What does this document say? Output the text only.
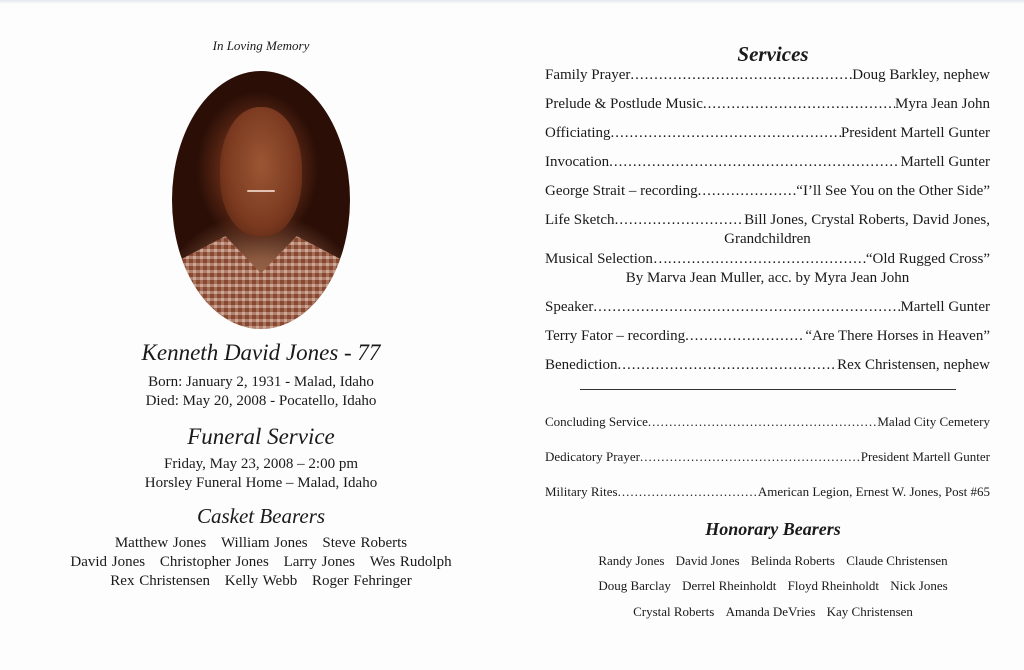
In Loving Memory
Kenneth David Jones - 77
Born: January 2, 1931 - Malad, Idaho
Died: May 20, 2008 - Pocatello, Idaho
Funeral Service
Friday, May 23, 2008 – 2:00 pm
Horsley Funeral Home – Malad, Idaho
Casket Bearers
Matthew Jones William Jones Steve Roberts
David Jones Christopher Jones Larry Jones Wes Rudolph
Rex Christensen Kelly Webb Roger Fehringer
Services
Family Prayer .....	Doug Barkley, nephew
Prelude & Postlude Music .....	Myra Jean John
Officiating .....	President Martell Gunter
Invocation .....	Martell Gunter
George Strait – recording .....	“I’ll See You on the Other Side”
Life Sketch .....	Bill Jones, Crystal Roberts, David Jones,
Grandchildren
Musical Selection… .....	“Old Rugged Cross”
By Marva Jean Muller, acc. by Myra Jean John
Speaker .....	Martell Gunter
Terry Fator – recording .....	“Are There Horses in Heaven”
Benediction .....	Rex Christensen, nephew
Concluding Service .....	Malad City Cemetery
Dedicatory Prayer .....	President Martell Gunter
Military Rites .....	American Legion, Ernest W. Jones, Post #65
Honorary Bearers
Randy Jones David Jones Belinda Roberts Claude Christensen
Doug Barclay Derrel Rheinholdt Floyd Rheinholdt Nick Jones
Crystal Roberts Amanda DeVries Kay Christensen
